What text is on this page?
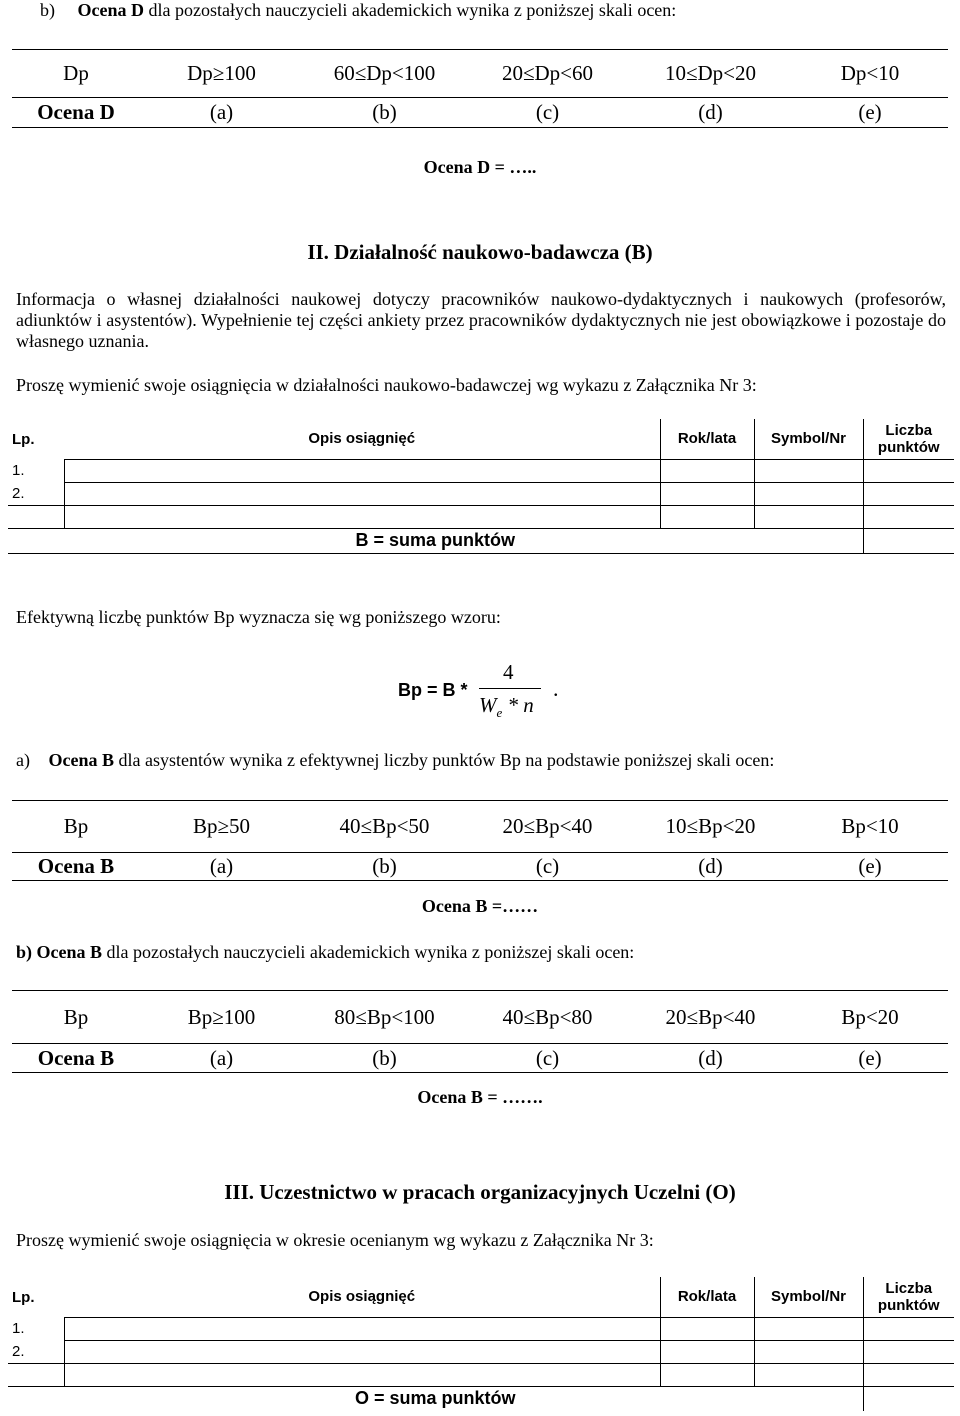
b) Ocena D dla pozostałych nauczycieli akademickich wynika z poniższej skali ocen:
Dp	Dp≥100	60≤Dp<100	20≤Dp<60	10≤Dp<20	Dp<10
Ocena D	(a)	(b)	(c)	(d)	(e)
Ocena D = …..
II. Działalność naukowo-badawcza (B)
Informacja o własnej działalności naukowej dotyczy pracowników naukowo-dydaktycznych i naukowych (profesorów, adiunktów i asystentów). Wypełnienie tej części ankiety przez pracowników dydaktycznych nie jest obowiązkowe i pozostaje do własnego uznania.
Proszę wymienić swoje osiągnięcia w działalności naukowo-badawczej wg wykazu z Załącznika Nr 3:
Lp.	Opis osiągnięć	Rok/lata	Symbol/Nr	Liczba punktów
1.				
2.				

B = suma punktów				
Efektywną liczbę punktów Bp wyznacza się wg poniższego wzoru:
Bp = B *
4
$W_e$ * n
.
a) Ocena B dla asystentów wynika z efektywnej liczby punktów Bp na podstawie poniższej skali ocen:
Bp	Bp≥50	40≤Bp<50	20≤Bp<40	10≤Bp<20	Bp<10
Ocena B	(a)	(b)	(c)	(d)	(e)
Ocena B =……
b) Ocena B dla pozostałych nauczycieli akademickich wynika z poniższej skali ocen:
Bp	Bp≥100	80≤Bp<100	40≤Bp<80	20≤Bp<40	Bp<20
Ocena B	(a)	(b)	(c)	(d)	(e)
Ocena B = …….
III. Uczestnictwo w pracach organizacyjnych Uczelni (O)
Proszę wymienić swoje osiągnięcia w okresie ocenianym wg wykazu z Załącznika Nr 3:
Lp.	Opis osiągnięć	Rok/lata	Symbol/Nr	Liczba punktów
1.				
2.				

O = suma punktów				
